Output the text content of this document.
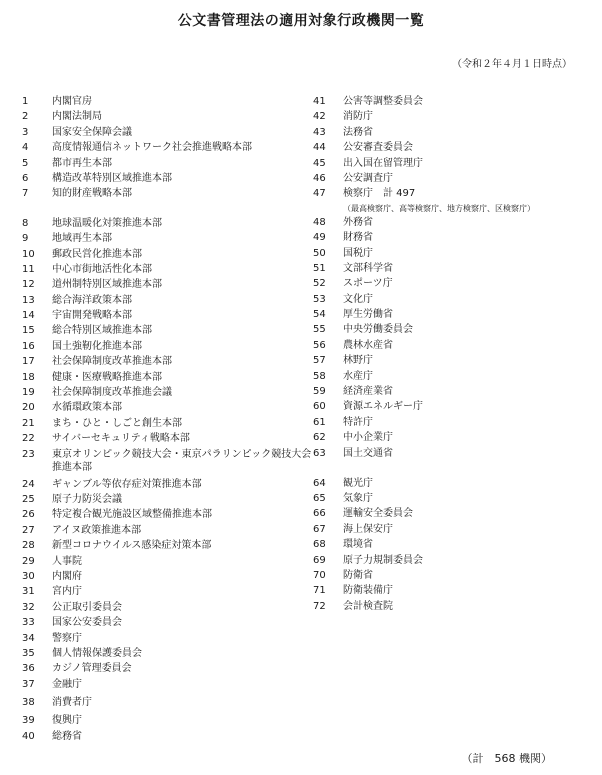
公文書管理法の適用対象行政機関一覧
（令和２年４月１日時点）
1	内閣官房
2	内閣法制局
3	国家安全保障会議
4	高度情報通信ネットワーク社会推進戦略本部
5	都市再生本部
6	構造改革特別区域推進本部
7	知的財産戦略本部
8	地球温暖化対策推進本部
9	地域再生本部
10	郵政民営化推進本部
11	中心市街地活性化本部
12	道州制特別区域推進本部
13	総合海洋政策本部
14	宇宙開発戦略本部
15	総合特別区域推進本部
16	国土強靭化推進本部
17	社会保障制度改革推進本部
18	健康・医療戦略推進本部
19	社会保障制度改革推進会議
20	水循環政策本部
21	まち・ひと・しごと創生本部
22	サイバーセキュリティ戦略本部
23	東京オリンピック競技大会・東京パラリンピック競技大会推進本部
24	ギャンブル等依存症対策推進本部
25	原子力防災会議
26	特定複合観光施設区域整備推進本部
27	アイヌ政策推進本部
28	新型コロナウイルス感染症対策本部
29	人事院
30	内閣府
31	宮内庁
32	公正取引委員会
33	国家公安委員会
34	警察庁
35	個人情報保護委員会
36	カジノ管理委員会
37	金融庁
38	消費者庁
39	復興庁
40	総務省
41	公害等調整委員会
42	消防庁
43	法務省
44	公安審査委員会
45	出入国在留管理庁
46	公安調査庁
47	検察庁　計 497
（最高検察庁、高等検察庁、地方検察庁、区検察庁）
48	外務省
49	財務省
50	国税庁
51	文部科学省
52	スポーツ庁
53	文化庁
54	厚生労働省
55	中央労働委員会
56	農林水産省
57	林野庁
58	水産庁
59	経済産業省
60	資源エネルギー庁
61	特許庁
62	中小企業庁
63	国土交通省
64	観光庁
65	気象庁
66	運輸安全委員会
67	海上保安庁
68	環境省
69	原子力規制委員会
70	防衛省
71	防衛装備庁
72	会計検査院
（計　568 機関）
